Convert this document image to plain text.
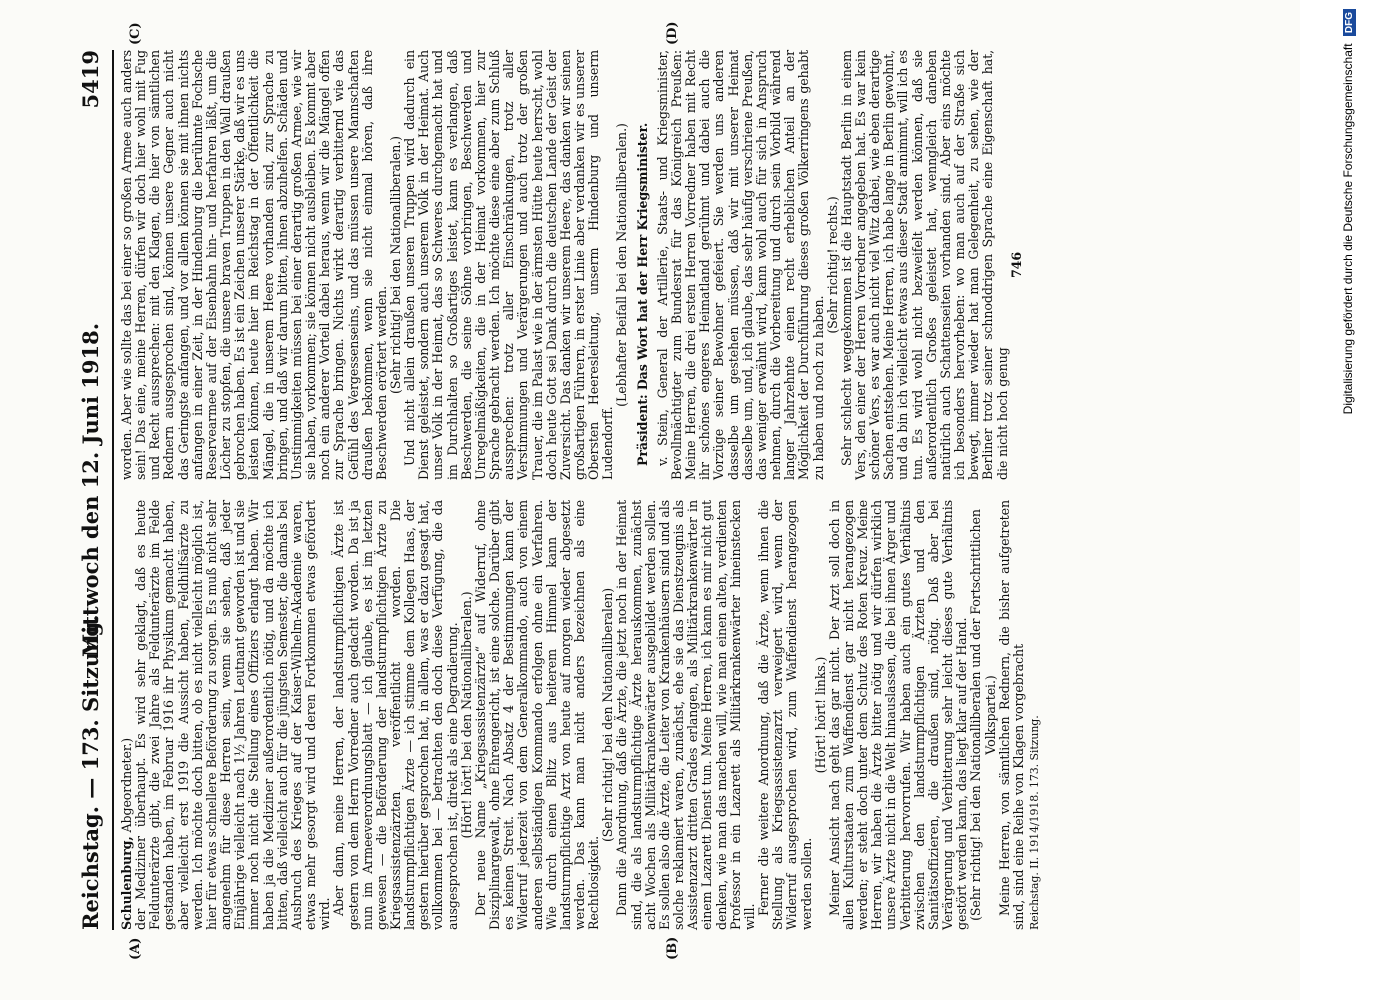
Reichstag. — 173. Sitzung.
Mittwoch den 12. Juni 1918.
5419
(A)	(B)
(C)	(D)

Schulenburg, Abgeordneter.) der Mediziner überhaupt. Es wird sehr geklagt, daß es heute Feldunterärzte gibt, die zwei Jahre als Feldunterärzte im Felde gestanden haben, im Februar 1916 ihr Physikum gemacht haben, aber vielleicht erst 1919 die Aussicht haben, Feldhilfsärzte zu werden. Ich möchte doch bitten, ob es nicht vielleicht möglich ist, hier für etwas schnellere Beförderung zu sorgen. Es muß nicht sehr angenehm für diese Herren sein, wenn sie sehen, daß jeder Einjährige vielleicht nach 1½ Jahren Leutnant geworden ist und sie immer noch nicht die Stellung eines Offiziers erlangt haben. Wir haben ja die Mediziner außerordentlich nötig, und da möchte ich bitten, daß vielleicht auch für die jüngsten Semester, die damals bei Ausbruch des Krieges auf der Kaiser-Wilhelm-Akademie waren, etwas mehr gesorgt wird und deren Fortkommen etwas gefördert wird. Aber dann, meine Herren, der landsturmpflichtigen Ärzte ist gestern von dem Herrn Vorredner auch gedacht worden. Da ist ja nun im Armeeverordnungsblatt — ich glaube, es ist im letzten gewesen — die Beförderung der landsturmpflichtigen Ärzte zu Kriegsassistenzärzten veröffentlicht worden. Die landsturmpflichtigen Ärzte — ich stimme dem Kollegen Haas, der gestern hierüber gesprochen hat, in allem, was er dazu gesagt hat, vollkommen bei — betrachten den doch diese Verfügung, die da ausgesprochen ist, direkt als eine Degradierung. (Hört! hört! bei den Nationalliberalen.) Der neue Name „Kriegsassistenzärzte“ auf Widerruf, ohne Disziplinargewalt, ohne Ehrengericht, ist eine solche. Darüber gibt es keinen Streit. Nach Absatz 4 der Bestimmungen kann der Widerruf jederzeit von dem Generalkommando, auch von einem anderen selbständigen Kommando erfolgen ohne ein Verfahren. Wie durch einen Blitz aus heiterem Himmel kann der landsturmpflichtige Arzt von heute auf morgen wieder abgesetzt werden. Das kann man nicht anders bezeichnen als eine Rechtlosigkeit.

(Sehr richtig! bei den Nationalliberalen) Dann die Anordnung, daß die Ärzte, die jetzt noch in der Heimat sind, die als landsturmpflichtige Ärzte herauskommen, zunächst acht Wochen als Militärkrankenwärter ausgebildet werden sollen. Es sollen also die Ärzte, die Leiter von Krankenhäusern sind und als solche reklamiert waren, zunächst, ehe sie das Dienstzeugnis als Assistenzarzt dritten Grades erlangen, als Militärkrankenwärter in einem Lazarett Dienst tun. Meine Herren, ich kann es mir nicht gut denken, wie man das machen will, wie man einen alten, verdienten Professor in ein Lazarett als Militärkrankenwärter hineinstecken will.

Ferner die weitere Anordnung, daß die Ärzte, wenn ihnen die Stellung als Kriegsassistenzarzt verweigert wird, wenn der Widerruf ausgesprochen wird, zum Waffendienst herangezogen werden sollen.

(Hört! hört! links.) Meiner Ansicht nach geht das gar nicht. Der Arzt soll doch in allen Kulturstaaten zum Waffendienst gar nicht herangezogen werden; er steht doch unter dem Schutz des Roten Kreuz. Meine Herren, wir haben die Ärzte bitter nötig und wir dürfen wirklich unsere Ärzte nicht in die Welt hinauslassen, die bei ihnen Ärger und Verbitterung hervorrufen. Wir haben auch ein gutes Verhältnis zwischen den landsturmpflichtigen Ärzten und den Sanitätsoffizieren, die draußen sind, nötig. Daß aber bei Verärgerung und Verbitterung sehr leicht dieses gute Verhältnis gestört werden kann, das liegt klar auf der Hand. (Sehr richtig! bei den Nationalliberalen und der Fortschrittlichen Volkspartei.) Meine Herren, von sämtlichen Rednern, die bisher aufgetreten sind, sind eine Reihe von Klagen vorgebracht Reichstag. II. 1914/1918. 173. Sitzung.

worden. Aber wie sollte das bei einer so großen Armee auch anders sein! Das eine, meine Herren, dürfen wir doch hier wohl mit Fug und Recht aussprechen: mit den Klagen, die hier von sämtlichen Rednern ausgesprochen sind, können unsere Gegner auch nicht das Geringste anfangen, und vor allem können sie mit ihnen nichts anfangen in einer Zeit, in der Hindenburg die berühmte Fochsche Reservearmee auf der Eisenbahn hin- und herfahren läßt, um die Löcher zu stopfen, die unsere braven Truppen in den Wall draußen gebrochen haben. Es ist ein Zeichen unserer Stärke, daß wir es uns leisten können, heute hier im Reichstag in der Öffentlichkeit die Mängel, die in unserem Heere vorhanden sind, zur Sprache zu bringen, und daß wir darum bitten, ihnen abzuhelfen. Schäden und Unstimmigkeiten müssen bei einer derartig großen Armee, wie wir sie haben, vorkommen; sie können nicht ausbleiben. Es kommt aber noch ein anderer Vorteil dabei heraus, wenn wir die Mängel offen zur Sprache bringen. Nichts wirkt derartig verbitternd wie das Gefühl des Vergessenseins, und das müssen unsere Mannschaften draußen bekommen, wenn sie nicht einmal hören, daß ihre Beschwerden erörtert werden. (Sehr richtig! bei den Nationalliberalen.) Und nicht allein draußen unseren Truppen wird dadurch ein Dienst geleistet, sondern auch unserem Volk in der Heimat. Auch unser Volk in der Heimat, das so Schweres durchgemacht hat und im Durchhalten so Großartiges leistet, kann es verlangen, daß Beschwerden, die seine Söhne vorbringen, Beschwerden und Unregelmäßigkeiten, die in der Heimat vorkommen, hier zur Sprache gebracht werden. Ich möchte diese eine aber zum Schluß aussprechen: trotz aller Einschränkungen, trotz aller Verstimmungen und Verärgerungen und auch trotz der großen Trauer, die im Palast wie in der ärmsten Hütte heute herrscht, wohl doch heute Gott sei Dank durch die deutschen Lande der Geist der Zuversicht. Das danken wir unserem Heere, das danken wir seinen großartigen Führern, in erster Linie aber verdanken wir es unserer Obersten Heeresleitung, unserm Hindenburg und unserm Ludendorff.

(Lebhafter Beifall bei den Nationalliberalen.) Präsident: Das Wort hat der Herr Kriegsminister. v. Stein, General der Artillerie, Staats- und Kriegsminister, Bevollmächtigter zum Bundesrat für das Königreich Preußen: Meine Herren, die drei ersten Herren Vorredner haben mit Recht ihr schönes engeres Heimatland gerühmt und dabei auch die Vorzüge seiner Bewohner gefeiert. Sie werden uns anderen dasselbe um gestehen müssen, daß wir mit unserer Heimat dasselbe um, und, ich glaube, das sehr häufig verschriene Preußen, das weniger erwähnt wird, kann wohl auch für sich in Anspruch nehmen, durch die Vorbereitung und durch sein Vorbild während langer Jahrzehnte einen recht erheblichen Anteil an der Möglichkeit der Durchführung dieses großen Völkerringens gehabt zu haben und noch zu haben.

(Sehr richtig! rechts.) Sehr schlecht weggekommen ist die Hauptstadt Berlin in einem Vers, den einer der Herren Vorredner angegeben hat. Es war kein schöner Vers, es war auch nicht viel Witz dabei, wie eben derartige Sachen entstehen. Meine Herren, ich habe lange in Berlin gewohnt, und da bin ich vielleicht etwas aus dieser Stadt annimmt, will ich es tun. Es wird wohl nicht bezweifelt werden können, daß sie außerordentlich Großes geleistet hat, wenngleich daneben natürlich auch Schattenseiten vorhanden sind. Aber eins möchte ich besonders hervorheben: wo man auch auf der Straße sich bewegt, immer wieder hat man Gelegenheit, zu sehen, wie der Berliner trotz seiner schnoddrigen Sprache eine Eigenschaft hat, die nicht hoch genug

746	Digitalisierung gefördert durch die Deutsche Forschungsgemeinschaft DFG
